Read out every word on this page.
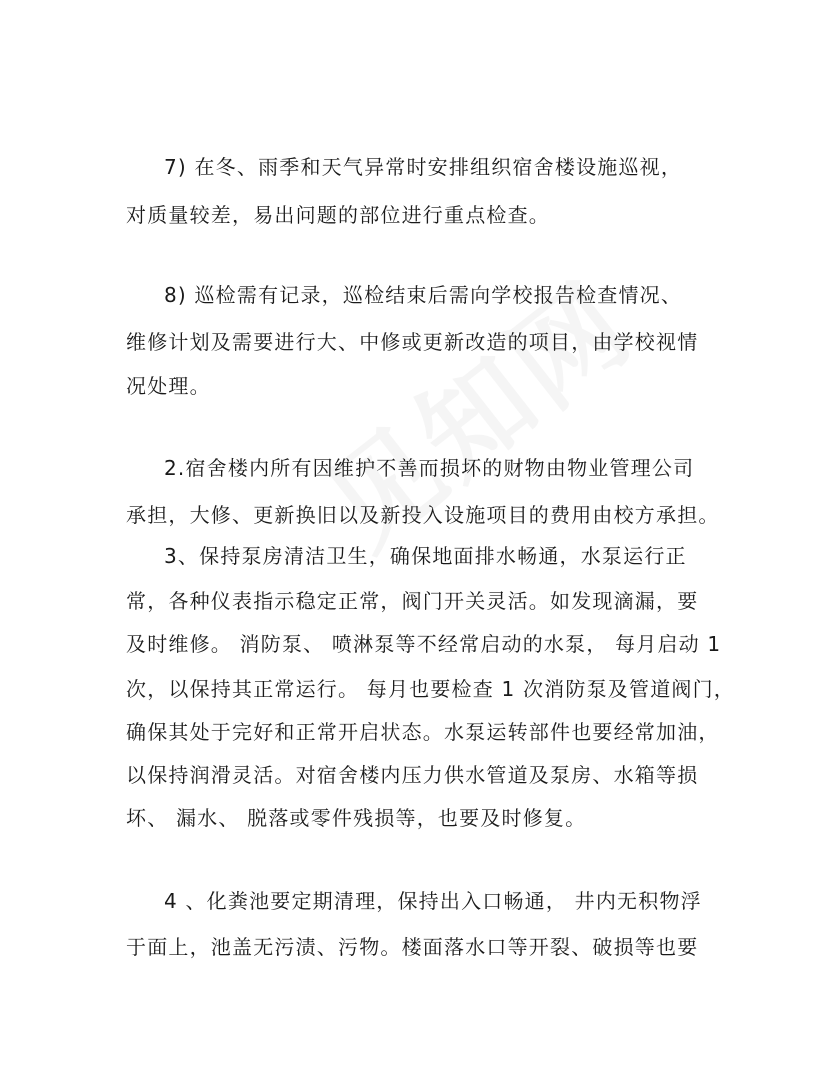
7) 在冬、雨季和天气异常时安排组织宿舍楼设施巡视，
对质量较差，易出问题的部位进行重点检查。
8) 巡检需有记录，巡检结束后需向学校报告检查情况、
维修计划及需要进行大、中修或更新改造的项目，由学校视情
况处理。
2.宿舍楼内所有因维护不善而损坏的财物由物业管理公司
承担，大修、更新换旧以及新投入设施项目的费用由校方承担。
3、保持泵房清洁卫生，确保地面排水畅通，水泵运行正
常，各种仪表指示稳定正常，阀门开关灵活。如发现滴漏，要
及时维修。 消防泵、 喷淋泵等不经常启动的水泵， 每月启动 1
次，以保持其正常运行。 每月也要检查 1 次消防泵及管道阀门，
确保其处于完好和正常开启状态。水泵运转部件也要经常加油，
以保持润滑灵活。对宿舍楼内压力供水管道及泵房、水箱等损
坏、 漏水、 脱落或零件残损等，也要及时修复。
4 、化粪池要定期清理，保持出入口畅通， 井内无积物浮
于面上，池盖无污渍、污物。楼面落水口等开裂、破损等也要
